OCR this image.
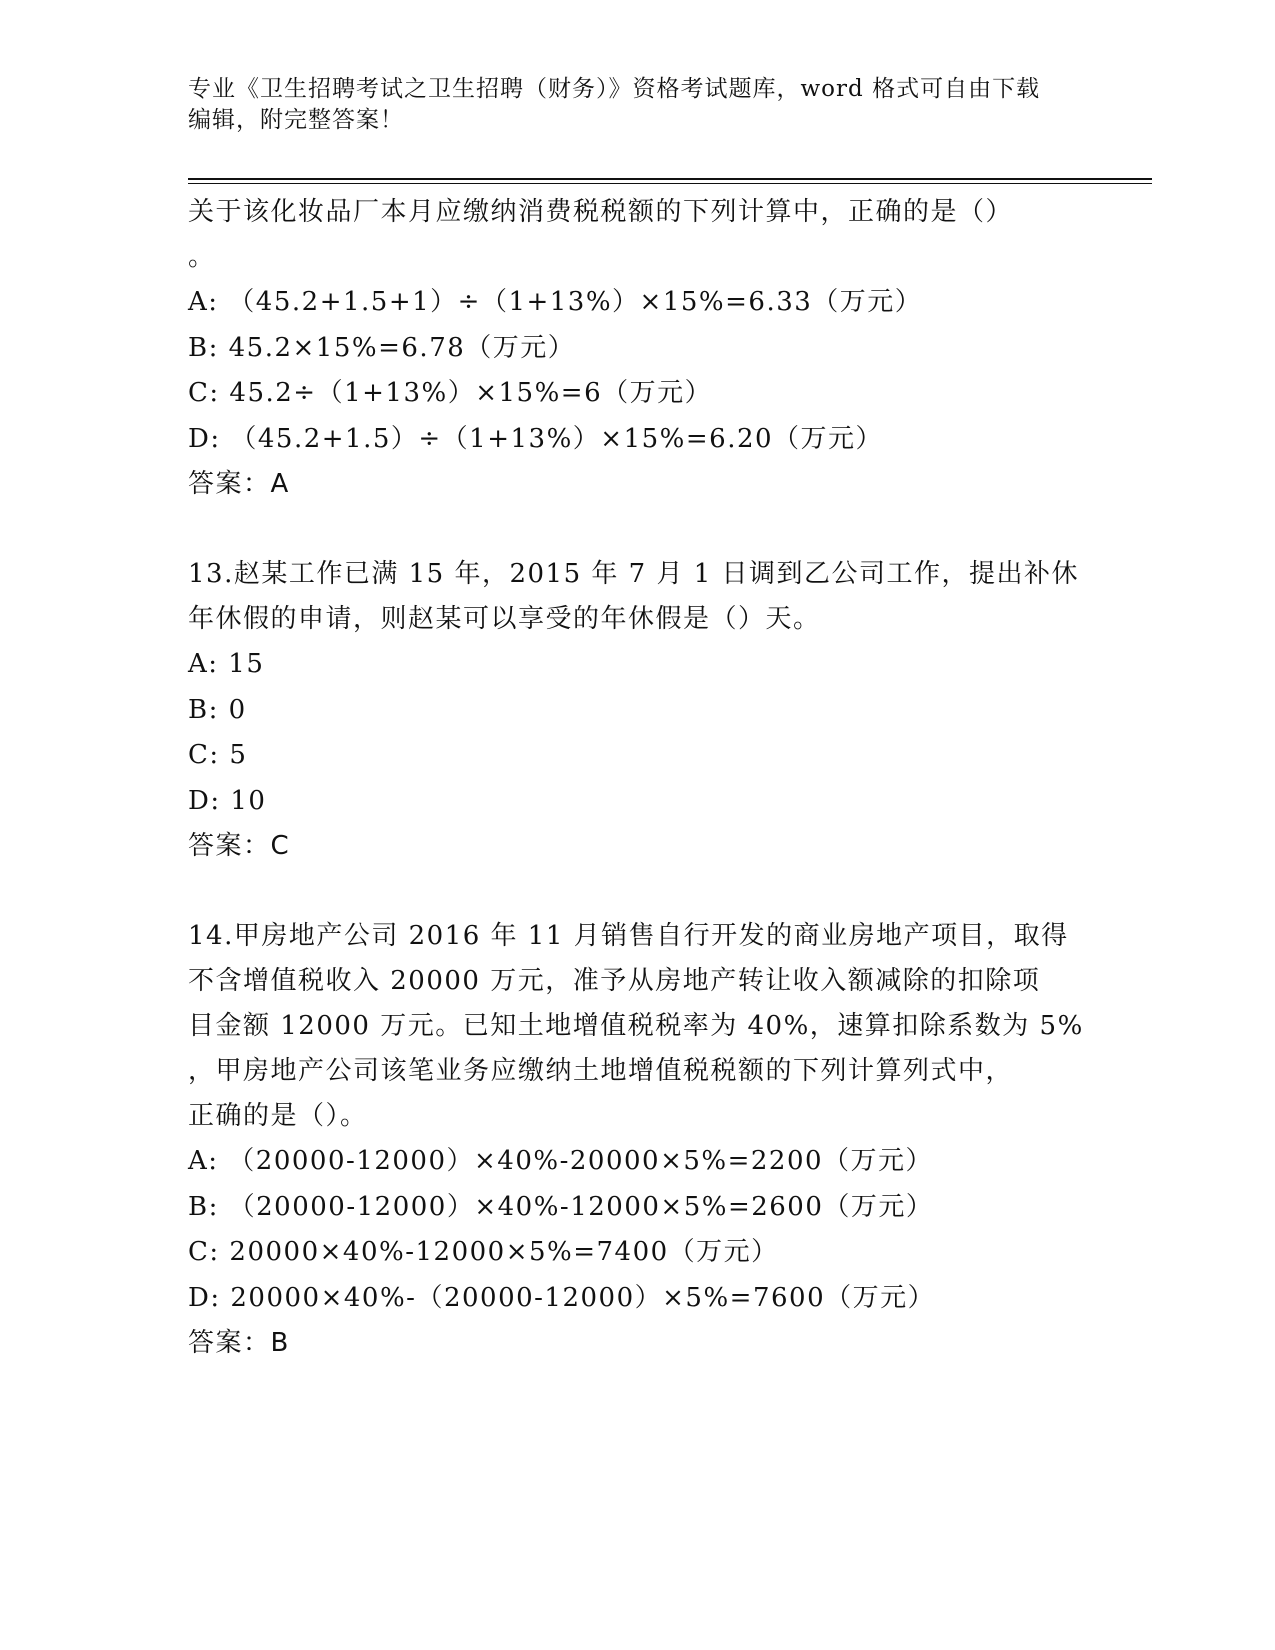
专业《卫生招聘考试之卫生招聘（财务）》资格考试题库，word 格式可自由下载
编辑，附完整答案！

关于该化妆品厂本月应缴纳消费税税额的下列计算中，正确的是（）

。

A: （45.2+1.5+1）÷（1+13%）×15%=6.33（万元）

B: 45.2×15%=6.78（万元）

C: 45.2÷（1+13%）×15%=6（万元）

D: （45.2+1.5）÷（1+13%）×15%=6.20（万元）

答案：A

13.赵某工作已满 15 年，2015 年 7 月 1 日调到乙公司工作，提出补休

年休假的申请，则赵某可以享受的年休假是（）天。

A: 15

B: 0

C: 5

D: 10

答案：C

14.甲房地产公司 2016 年 11 月销售自行开发的商业房地产项目，取得

不含增值税收入 20000 万元，准予从房地产转让收入额减除的扣除项

目金额 12000 万元。已知土地增值税税率为 40%，速算扣除系数为 5%

，甲房地产公司该笔业务应缴纳土地增值税税额的下列计算列式中，

正确的是（）。

A: （20000-12000）×40%-20000×5%=2200（万元）

B: （20000-12000）×40%-12000×5%=2600（万元）

C: 20000×40%-12000×5%=7400（万元）

D: 20000×40%-（20000-12000）×5%=7600（万元）

答案：B
